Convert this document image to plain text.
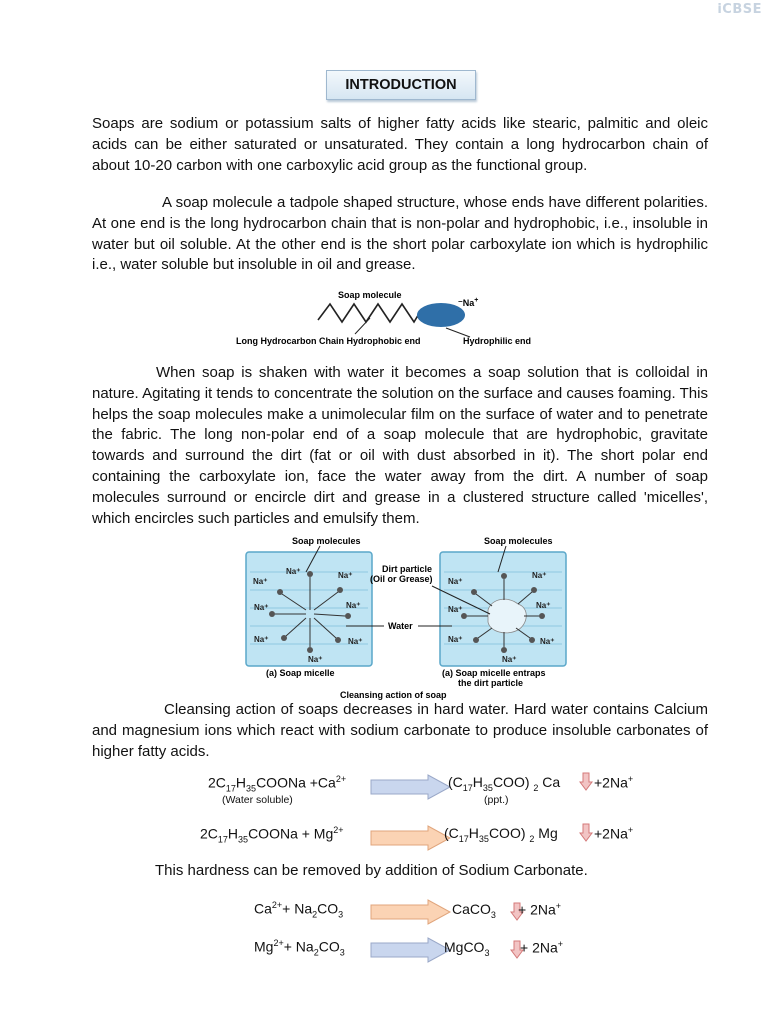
iCBSE
INTRODUCTION
Soaps are sodium or potassium salts of higher fatty acids like stearic, palmitic and oleic acids can be either saturated or unsaturated. They contain a long hydrocarbon chain of about 10-20 carbon with one carboxylic acid group as the functional group.
A soap molecule a tadpole shaped structure, whose ends have different polarities. At one end is the long hydrocarbon chain that is non-polar and hydrophobic, i.e., insoluble in water but oil soluble. At the other end is the short polar carboxylate ion which is hydrophilic i.e., water soluble but insoluble in oil and grease.
Soap molecule
⁻Na+
Long Hydrocarbon Chain Hydrophobic end	Hydrophilic end
When soap is shaken with water it becomes a soap solution that is colloidal in nature. Agitating it tends to concentrate the solution on the surface and causes foaming. This helps the soap molecules make a unimolecular film on the surface of water and to penetrate the fabric. The long non-polar end of a soap molecule that are hydrophobic, gravitate towards and surround the dirt (fat or oil with dust absorbed in it). The short polar end containing the carboxylate ion, face the water away from the dirt. A number of soap molecules surround or encircle dirt and grease in a clustered structure called 'micelles', which encircles such particles and emulsify them.
Soap molecules	Soap molecules
Na⁺	Na⁺
Na⁺
Na⁺	Na⁺
Na⁺	Na⁺
Na⁺
Na⁺
Na⁺
Na⁺	Na⁺
Na⁺	Na⁺
Na⁺
Dirt particle
(Oil or Grease)
Water
(a) Soap micelle	(a) Soap micelle entraps
the dirt particle
Cleansing action of soap
Cleansing action of soaps decreases in hard water. Hard water contains Calcium and magnesium ions which react with sodium carbonate to produce insoluble carbonates of higher fatty acids.
$2C_{17}H_{35}COONa +Ca^{2+}$
(Water soluble)
$(C_{17}H_{35}COO)$ $_2$ Ca
(ppt.)
+2Na+
$2C_{17}H_{35}COONa + Mg^{2+}$	$(C_{17}H_{35}COO)$ $_2$ Mg	+2Na+
This hardness can be removed by addition of Sodium Carbonate.
$Ca^{2+}+ Na_2CO_3$	CaCO$_3$ + 2Na+
$Mg^{2+}+ Na_2CO_3$	MgCO$_3$ + 2Na+
